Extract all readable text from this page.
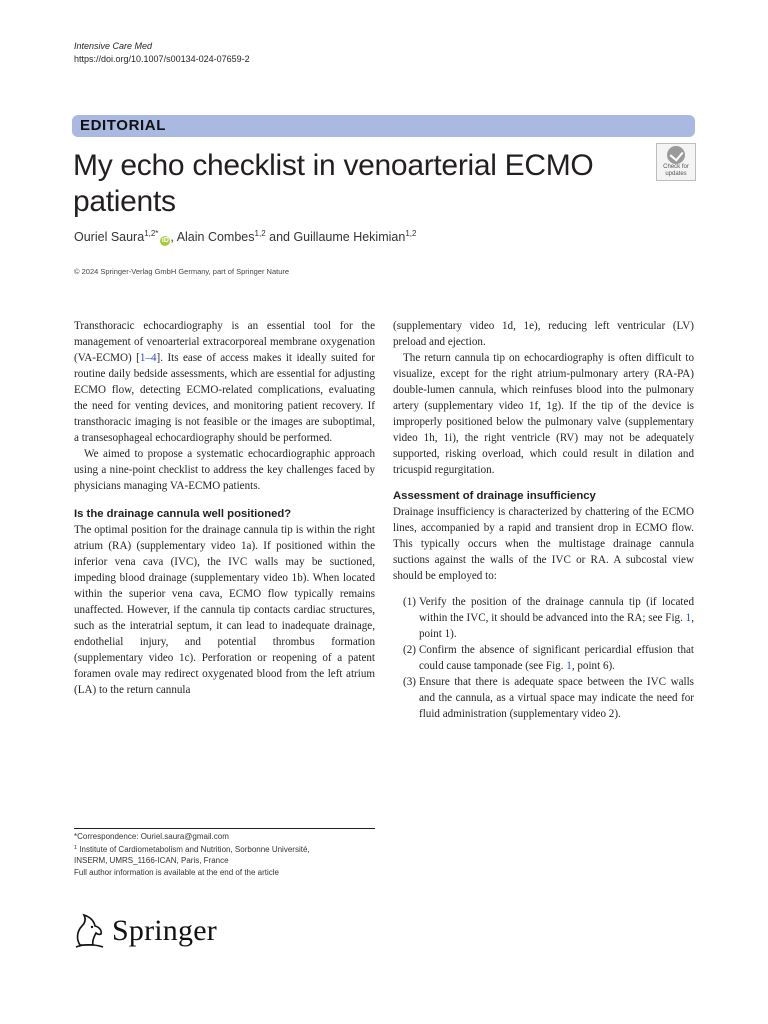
Intensive Care Med
https://doi.org/10.1007/s00134-024-07659-2
EDITORIAL
My echo checklist in venoarterial ECMO patients
Check for
updates
Ouriel Saura$^{1,2*}$iD , Alain Combes$^{1,2}$ and Guillaume Hekimian$^{1,2}$
© 2024 Springer-Verlag GmbH Germany, part of Springer Nature

Transthoracic echocardiography is an essential tool for the management of venoarterial extracorporeal membrane oxygenation (VA-ECMO) [1–4]. Its ease of access makes it ideally suited for routine daily bedside assessments, which are essential for adjusting ECMO flow, detecting ECMO-related complications, evaluating the need for venting devices, and monitoring patient recovery. If transthoracic imaging is not feasible or the images are suboptimal, a transesophageal echocardiography should be performed.

We aimed to propose a systematic echocardiographic approach using a nine-point checklist to address the key challenges faced by physicians managing VA-ECMO patients.

Is the drainage cannula well positioned?

The optimal position for the drainage cannula tip is within the right atrium (RA) (supplementary video 1a). If positioned within the inferior vena cava (IVC), the IVC walls may be suctioned, impeding blood drainage (supplementary video 1b). When located within the superior vena cava, ECMO flow typically remains unaffected. However, if the cannula tip contacts cardiac structures, such as the interatrial septum, it can lead to inadequate drainage, endothelial injury, and potential thrombus formation (supplementary video 1c). Perforation or reopening of a patent foramen ovale may redirect oxygenated blood from the left atrium (LA) to the return cannula

(supplementary video 1d, 1e), reducing left ventricular (LV) preload and ejection.

The return cannula tip on echocardiography is often difficult to visualize, except for the right atrium-pulmonary artery (RA-PA) double-lumen cannula, which reinfuses blood into the pulmonary artery (supplementary video 1f, 1g). If the tip of the device is improperly positioned below the pulmonary valve (supplementary video 1h, 1i), the right ventricle (RV) may not be adequately supported, risking overload, which could result in dilation and tricuspid regurgitation.

Assessment of drainage insufficiency

Drainage insufficiency is characterized by chattering of the ECMO lines, accompanied by a rapid and transient drop in ECMO flow. This typically occurs when the multistage drainage cannula suctions against the walls of the IVC or RA. A subcostal view should be employed to:

(1) Verify the position of the drainage cannula tip (if located within the IVC, it should be advanced into the RA; see Fig. 1, point 1).
(2) Confirm the absence of significant pericardial effusion that could cause tamponade (see Fig. 1, point 6).
(3) Ensure that there is adequate space between the IVC walls and the cannula, as a virtual space may indicate the need for fluid administration (supplementary video 2).
*Correspondence: Ouriel.saura@gmail.com
$^1$ Institute of Cardiometabolism and Nutrition, Sorbonne Université,
INSERM, UMRS_1166-ICAN, Paris, France
Full author information is available at the end of the article
Springer
